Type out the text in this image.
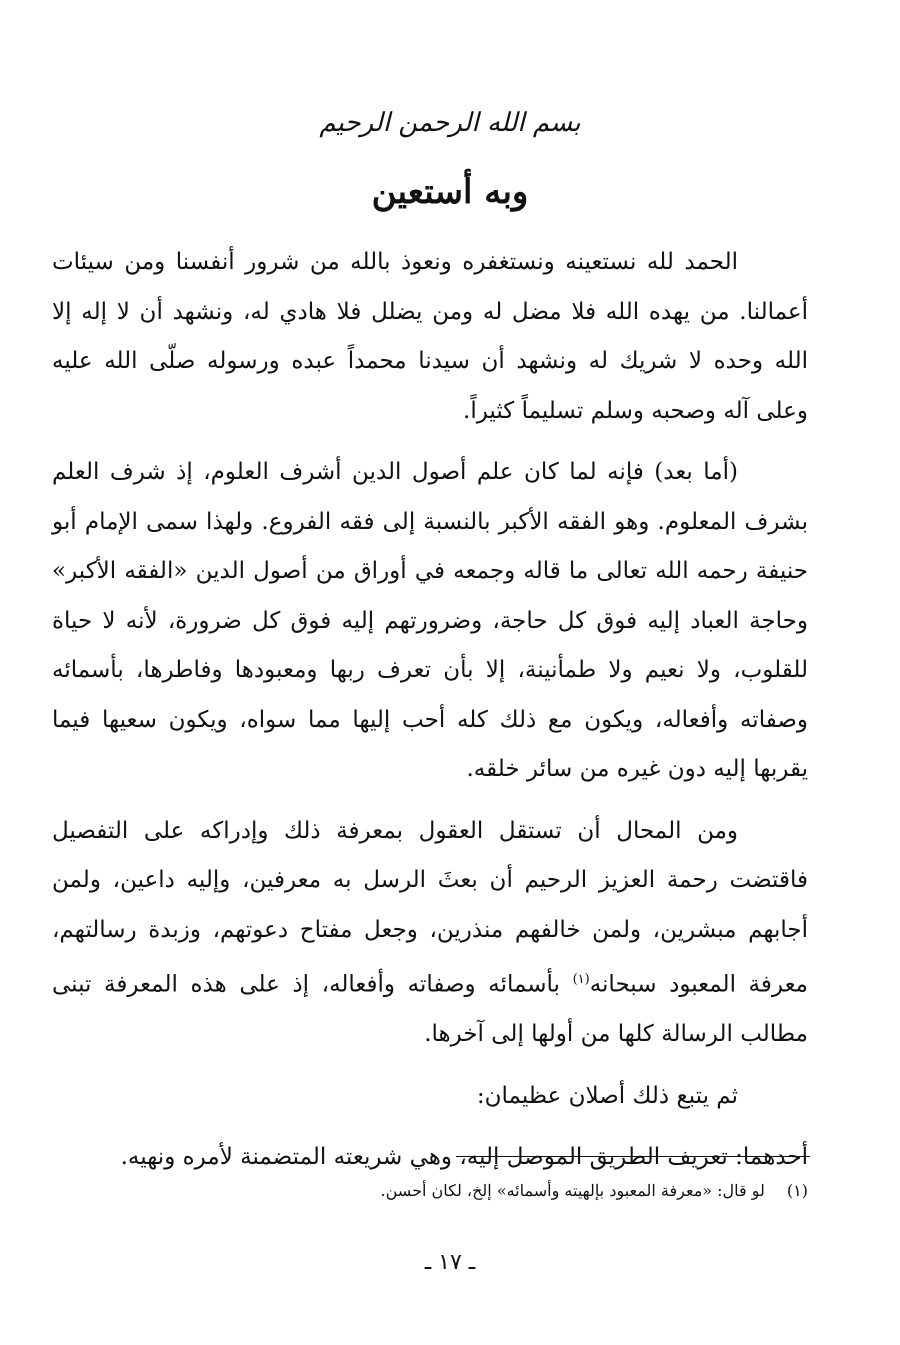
بسم الله الرحمن الرحيم
وبه أستعين

الحمد لله نستعينه ونستغفره ونعوذ بالله من شرور أنفسنا ومن سيئات أعمالنا. من يهده الله فلا مضل له ومن يضلل فلا هادي له، ونشهد أن لا إله إلا الله وحده لا شريك له ونشهد أن سيدنا محمداً عبده ورسوله صلّى الله عليه وعلى آله وصحبه وسلم تسليماً كثيراً.

(أما بعد) فإنه لما كان علم أصول الدين أشرف العلوم، إذ شرف العلم بشرف المعلوم. وهو الفقه الأكبر بالنسبة إلى فقه الفروع. ولهذا سمى الإمام أبو حنيفة رحمه الله تعالى ما قاله وجمعه في أوراق من أصول الدين «الفقه الأكبر» وحاجة العباد إليه فوق كل حاجة، وضرورتهم إليه فوق كل ضرورة، لأنه لا حياة للقلوب، ولا نعيم ولا طمأنينة، إلا بأن تعرف ربها ومعبودها وفاطرها، بأسمائه وصفاته وأفعاله، ويكون مع ذلك كله أحب إليها مما سواه، ويكون سعيها فيما يقربها إليه دون غيره من سائر خلقه.

ومن المحال أن تستقل العقول بمعرفة ذلك وإدراكه على التفصيل فاقتضت رحمة العزيز الرحيم أن بعثَ الرسل به معرفين، وإليه داعين، ولمن أجابهم مبشرين، ولمن خالفهم منذرين، وجعل مفتاح دعوتهم، وزبدة رسالتهم، معرفة المعبود سبحانه$^{(١)}$ بأسمائه وصفاته وأفعاله، إذ على هذه المعرفة تبنى مطالب الرسالة كلها من أولها إلى آخرها.

ثم يتبع ذلك أصلان عظيمان:

أحدهما: تعريف الطريق الموصل إليه، وهي شريعته المتضمنة لأمره ونهيه.

(١)لو قال: «معرفة المعبود بإلهيته وأسمائه» إلخ، لكان أحسن.
ـ ١٧ ـ
